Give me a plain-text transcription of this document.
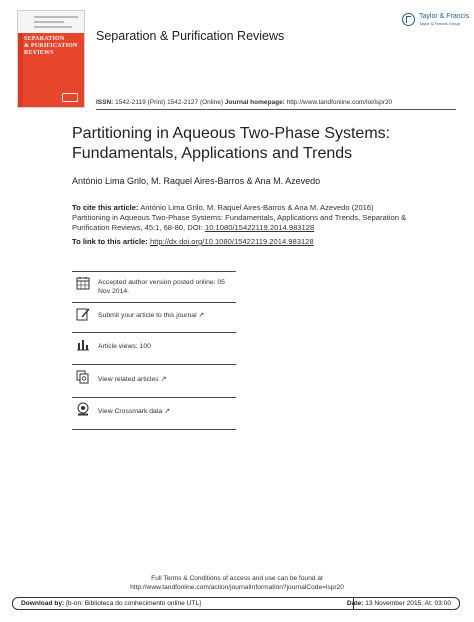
SEPARATION
& PURIFICATION
REVIEWS
Separation & Purification Reviews
Taylor & Francis
Taylor & Francis Group
ISSN: 1542-2119 (Print) 1542-2127 (Online) Journal homepage: http://www.tandfonline.com/loi/lspr20
Partitioning in Aqueous Two-Phase Systems:
Fundamentals, Applications and Trends
António Lima Grilo, M. Raquel Aires-Barros & Ana M. Azevedo
To cite this article: António Lima Grilo, M. Raquel Aires-Barros & Ana M. Azevedo (2016) Partitioning in Aqueous Two-Phase Systems: Fundamentals, Applications and Trends, Separation & Purification Reviews, 45:1, 68-80, DOI: 10.1080/15422119.2014.983128
To link to this article: http://dx.doi.org/10.1080/15422119.2014.983128
Accepted author version posted online: 05 Nov 2014.
Submit your article to this journal ↗
Article views: 100
View related articles ↗
View Crossmark data ↗
Full Terms & Conditions of access and use can be found at
http://www.tandfonline.com/action/journalInformation?journalCode=lspr20
Download by: [b-on: Biblioteca do conhecimento online UTL]	Date: 13 November 2015, At: 03:00
